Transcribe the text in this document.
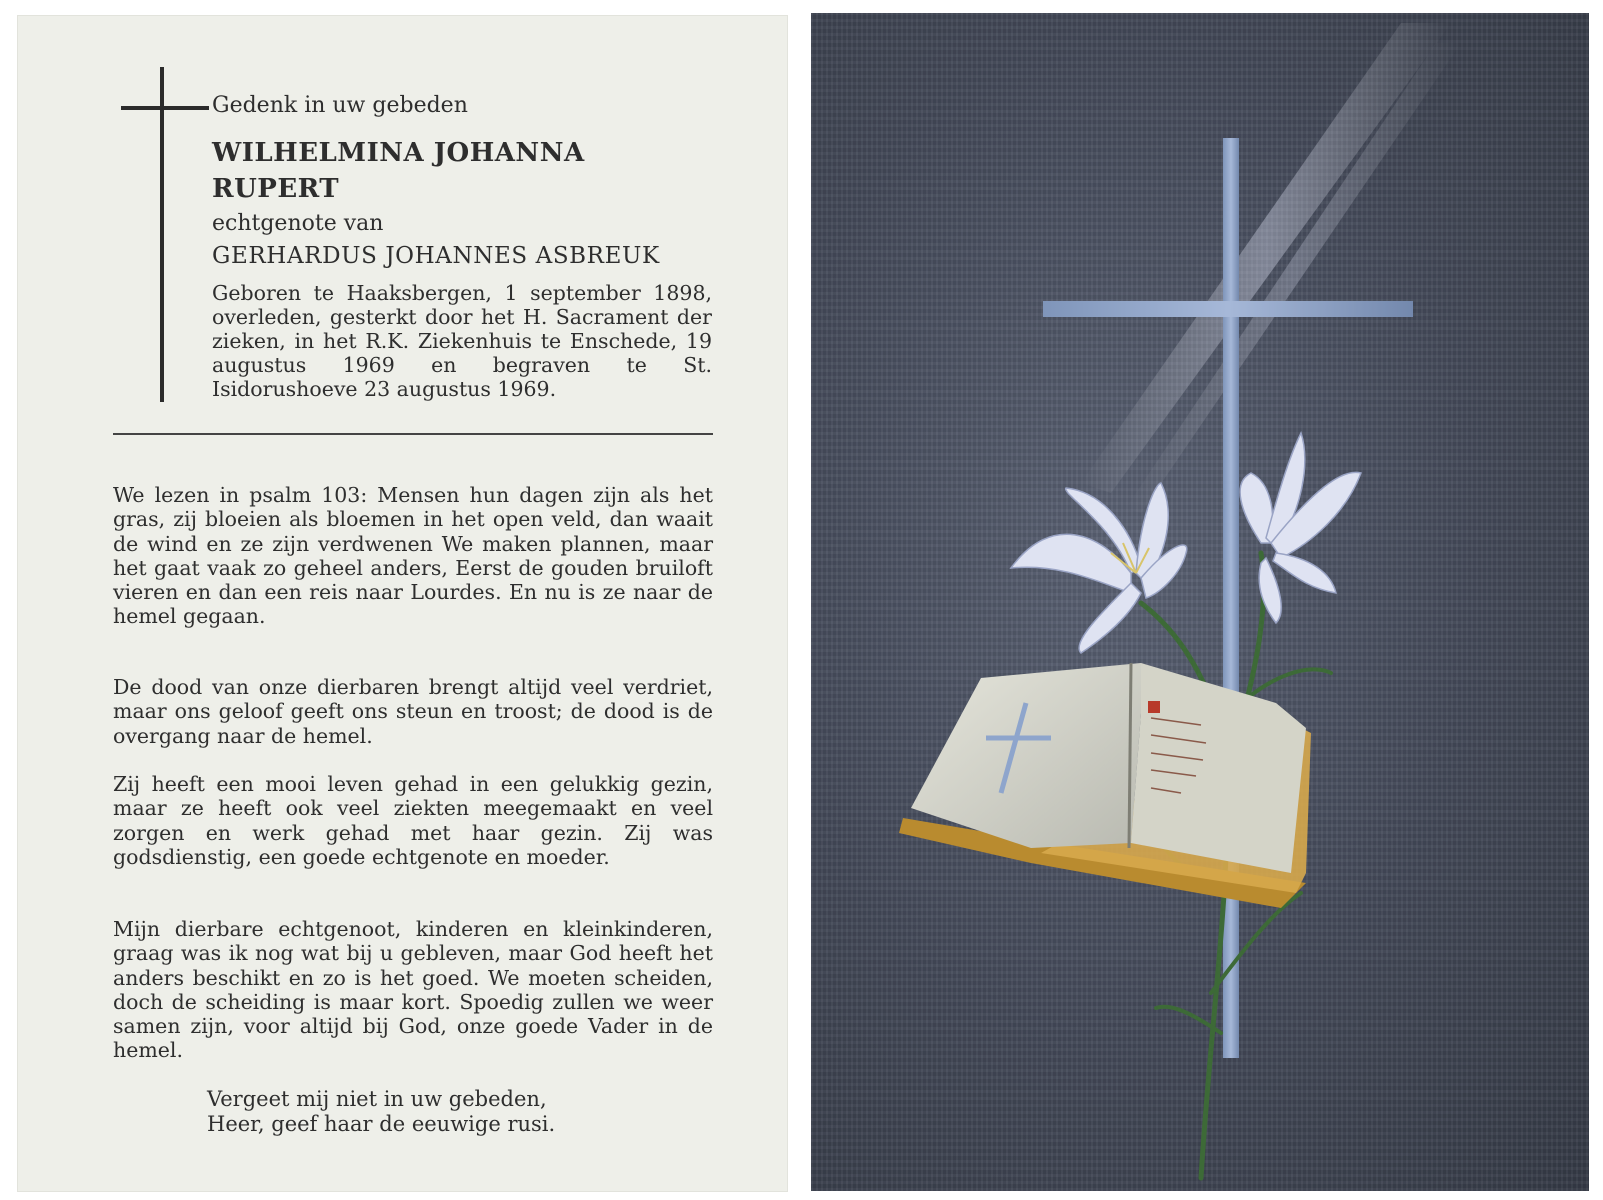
Gedenk in uw gebeden
WILHELMINA JOHANNA
RUPERT
echtgenote van
GERHARDUS JOHANNES ASBREUK
Geboren te Haaksbergen, 1 september 1898, overleden, gesterkt door het H. Sacrament der zieken, in het R.K. Ziekenhuis te Enschede, 19 augustus 1969 en begraven te St. Isidorushoeve 23 augustus 1969.
We lezen in psalm 103: Mensen hun dagen zijn als het gras, zij bloeien als bloemen in het open veld, dan waait de wind en ze zijn verdwenen We maken plannen, maar het gaat vaak zo geheel anders, Eerst de gouden bruiloft vieren en dan een reis naar Lourdes. En nu is ze naar de hemel gegaan.
De dood van onze dierbaren brengt altijd veel verdriet, maar ons geloof geeft ons steun en troost; de dood is de overgang naar de hemel.
Zij heeft een mooi leven gehad in een gelukkig gezin, maar ze heeft ook veel ziekten meegemaakt en veel zorgen en werk gehad met haar gezin. Zij was godsdienstig, een goede echtgenote en moeder.
Mijn dierbare echtgenoot, kinderen en kleinkinderen, graag was ik nog wat bij u gebleven, maar God heeft het anders beschikt en zo is het goed. We moeten scheiden, doch de scheiding is maar kort. Spoedig zullen we weer samen zijn, voor altijd bij God, onze goede Vader in de hemel.
Vergeet mij niet in uw gebeden,
Heer, geef haar de eeuwige rusi.
